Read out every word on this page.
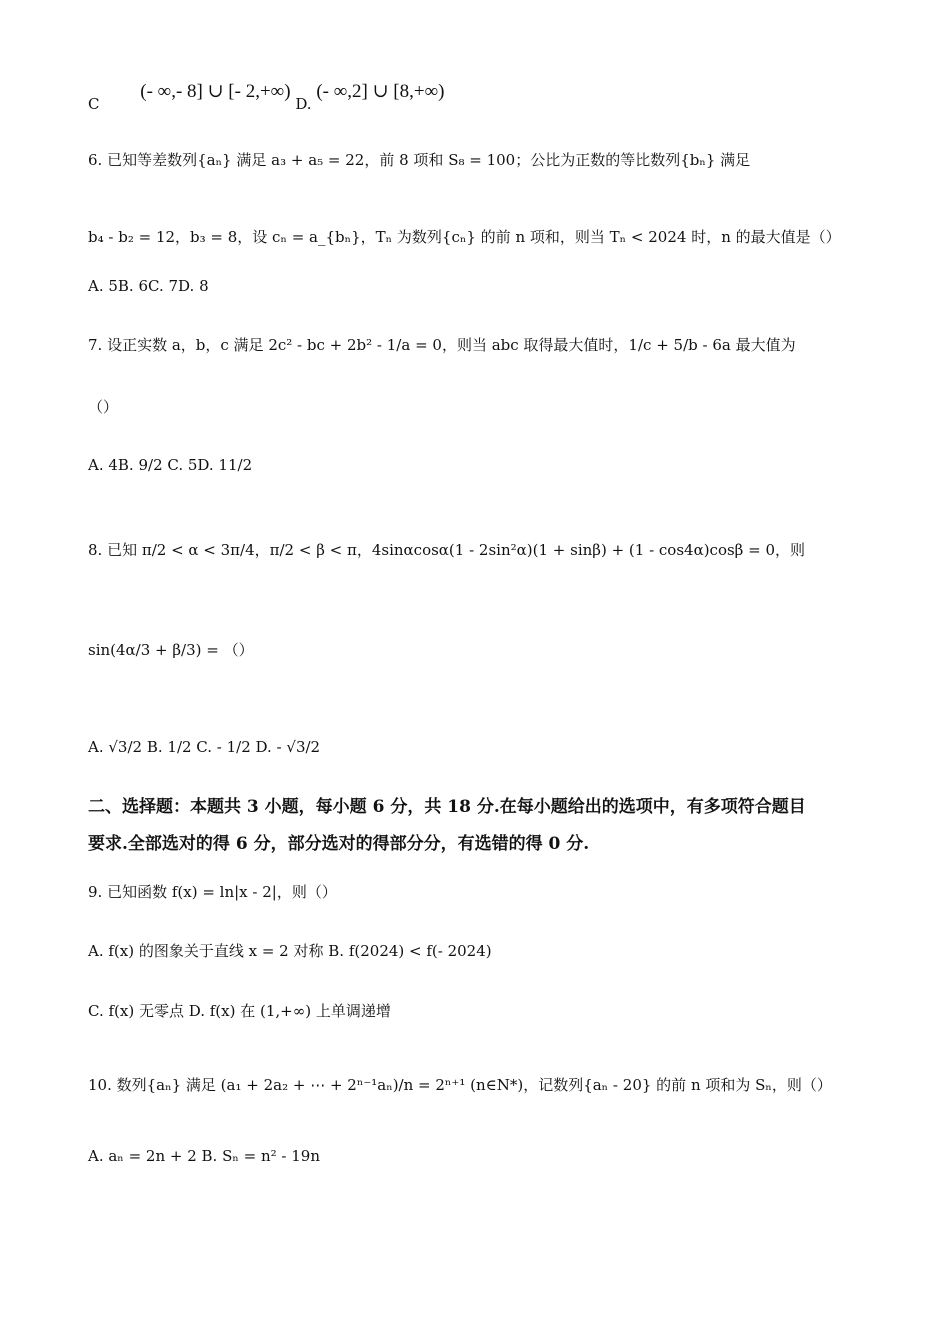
C (- ∞,- 8] ∪ [- 2,+∞) D. (- ∞,2] ∪ [8,+∞)
6. 已知等差数列{aₙ} 满足 a₃ + a₅ = 22，前 8 项和 S₈ = 100；公比为正数的等比数列{bₙ} 满足
b₄ - b₂ = 12，b₃ = 8，设 cₙ = a_{bₙ}，Tₙ 为数列{cₙ} 的前 n 项和，则当 Tₙ < 2024 时，n 的最大值是（）
A. 5B. 6C. 7D. 8
7. 设正实数 a，b，c 满足 2c² - bc + 2b² - 1/a = 0，则当 abc 取得最大值时，1/c + 5/b - 6a 最大值为
（）
A. 4B. 9/2 C. 5D. 11/2
8. 已知 π/2 < α < 3π/4，π/2 < β < π，4sinαcosα(1 - 2sin²α)(1 + sinβ) + (1 - cos4α)cosβ = 0，则
sin(4α/3 + β/3) = （）
A. √3/2 B. 1/2 C. - 1/2 D. - √3/2
二、选择题：本题共 3 小题，每小题 6 分，共 18 分.在每小题给出的选项中，有多项符合题目
要求.全部选对的得 6 分，部分选对的得部分分，有选错的得 0 分.
9. 已知函数 f(x) = ln|x - 2|，则（）
A. f(x) 的图象关于直线 x = 2 对称 B. f(2024) < f(- 2024)
C. f(x) 无零点 D. f(x) 在 (1,+∞) 上单调递增
10. 数列{aₙ} 满足 (a₁ + 2a₂ + ⋯ + 2ⁿ⁻¹aₙ)/n = 2ⁿ⁺¹ (n∈N*)，记数列{aₙ - 20} 的前 n 项和为 Sₙ，则（）
A. aₙ = 2n + 2 B. Sₙ = n² - 19n
